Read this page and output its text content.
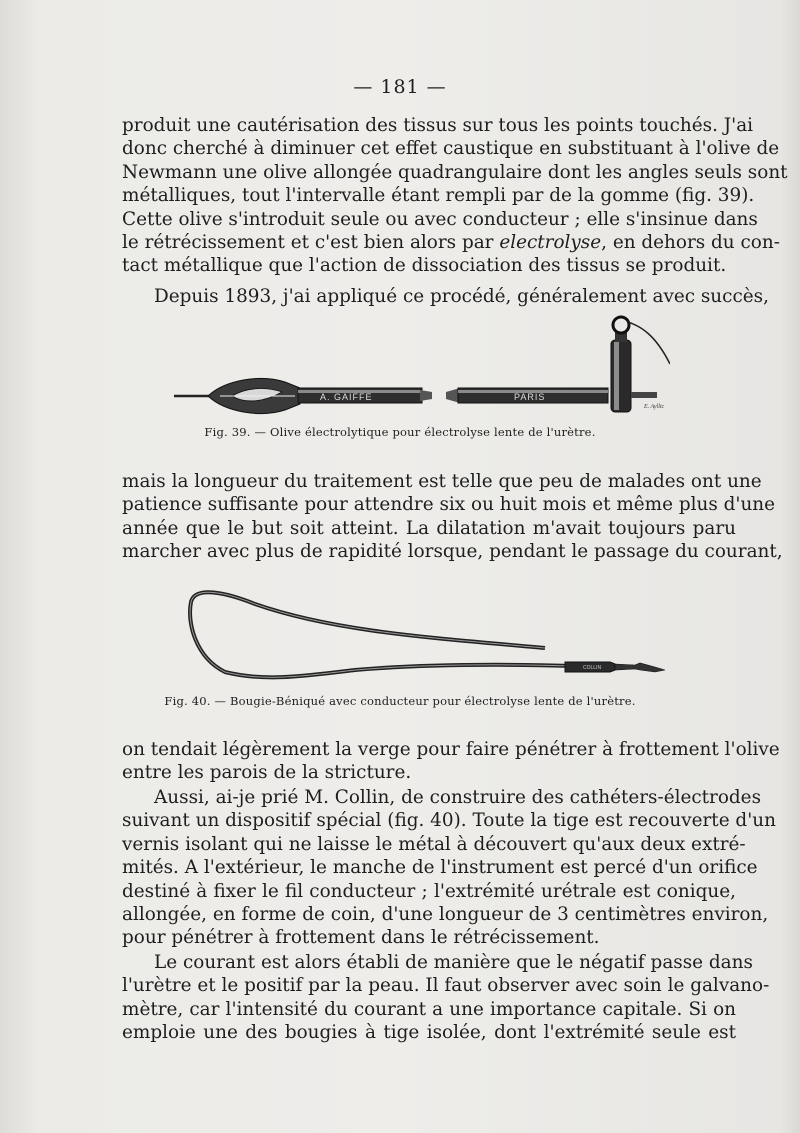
— 181 —
produit une cautérisation des tissus sur tous les points touchés. J'ai
donc cherché à diminuer cet effet caustique en substituant à l'olive de
Newmann une olive allongée quadrangulaire dont les angles seuls sont
métalliques, tout l'intervalle étant rempli par de la gomme (fig. 39).
Cette olive s'introduit seule ou avec conducteur ; elle s'insinue dans
le rétrécissement et c'est bien alors par electrolyse, en dehors du con-
tact métallique que l'action de dissociation des tissus se produit.
Depuis 1893, j'ai appliqué ce procédé, généralement avec succès,
A. GAIFFE	PARIS
E. Ayllic
Fig. 39. — Olive électrolytique pour électrolyse lente de l'urètre.
mais la longueur du traitement est telle que peu de malades ont une
patience suffisante pour attendre six ou huit mois et même plus d'une
année que le but soit atteint. La dilatation m'avait toujours paru
marcher avec plus de rapidité lorsque, pendant le passage du courant,
COLLIN
Fig. 40. — Bougie-Béniqué avec conducteur pour électrolyse lente de l'urètre.
on tendait légèrement la verge pour faire pénétrer à frottement l'olive
entre les parois de la stricture.
Aussi, ai-je prié M. Collin, de construire des cathéters-électrodes
suivant un dispositif spécial (fig. 40). Toute la tige est recouverte d'un
vernis isolant qui ne laisse le métal à découvert qu'aux deux extré-
mités. A l'extérieur, le manche de l'instrument est percé d'un orifice
destiné à fixer le fil conducteur ; l'extrémité urétrale est conique,
allongée, en forme de coin, d'une longueur de 3 centimètres environ,
pour pénétrer à frottement dans le rétrécissement.
Le courant est alors établi de manière que le négatif passe dans
l'urètre et le positif par la peau. Il faut observer avec soin le galvano-
mètre, car l'intensité du courant a une importance capitale. Si on
emploie une des bougies à tige isolée, dont l'extrémité seule est
